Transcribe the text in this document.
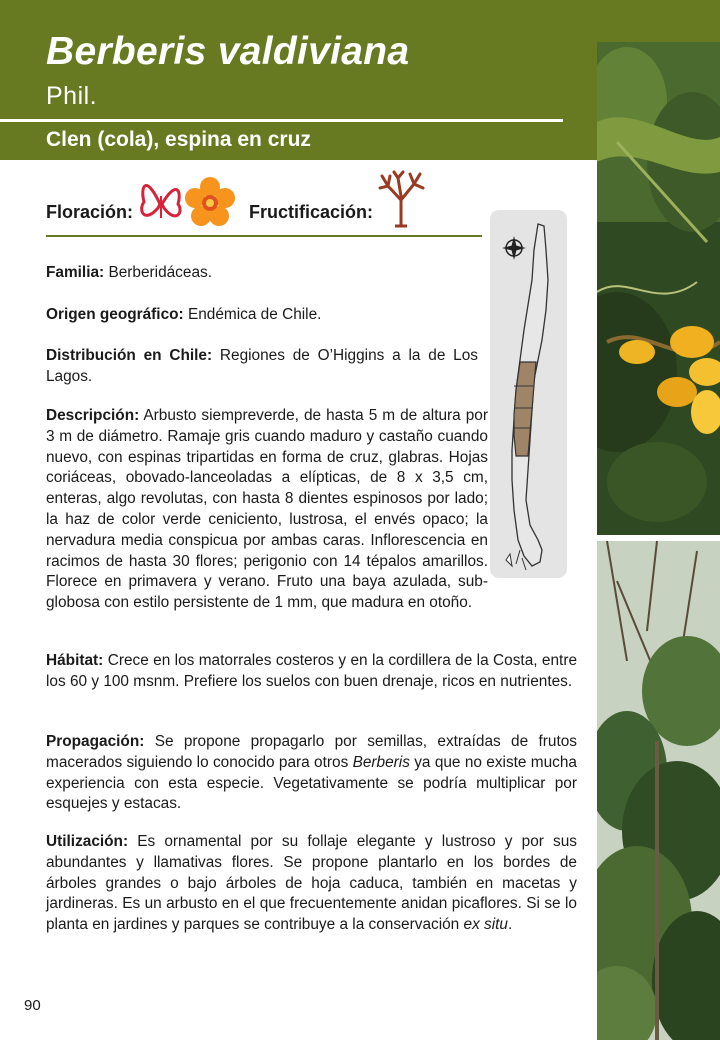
Berberis valdiviana
Phil.
Clen (cola), espina en cruz
Floración:	Fructificación:
Familia: Berberidáceas.
Origen geográfico: Endémica de Chile.
Distribución en Chile: Regiones de O’Higgins a la de Los Lagos.
Descripción: Arbusto siempreverde, de hasta 5 m de altura por 3 m de diámetro. Ramaje gris cuando maduro y castaño cuando nuevo, con espinas tripartidas en forma de cruz, glabras. Hojas coriáceas, obovado-lanceoladas a elípticas, de 8 x 3,5 cm, enteras, algo revolutas, con hasta 8 dientes espinosos por lado; la haz de color verde ceniciento, lustrosa, el envés opaco; la nervadura media conspicua por ambas caras. Inflorescencia en racimos de hasta 30 flores; perigonio con 14 tépalos amarillos. Florece en primavera y verano. Fruto una baya azulada, sub-globosa con estilo persistente de 1 mm, que madura en otoño.
Hábitat: Crece en los matorrales costeros y en la cordillera de la Costa, entre los 60 y 100 msnm. Prefiere los suelos con buen drenaje, ricos en nutrientes.
Propagación: Se propone propagarlo por semillas, extraídas de frutos macerados siguiendo lo conocido para otros Berberis ya que no existe mucha experiencia con esta especie. Vegetativamente se podría multiplicar por esquejes y estacas.
Utilización: Es ornamental por su follaje elegante y lustroso y por sus abundantes y llamativas flores. Se propone plantarlo en los bordes de árboles grandes o bajo árboles de hoja caduca, también en macetas y jardineras. Es un arbusto en el que frecuentemente anidan picaflores. Si se lo planta en jardines y parques se contribuye a la conservación ex situ.
90
